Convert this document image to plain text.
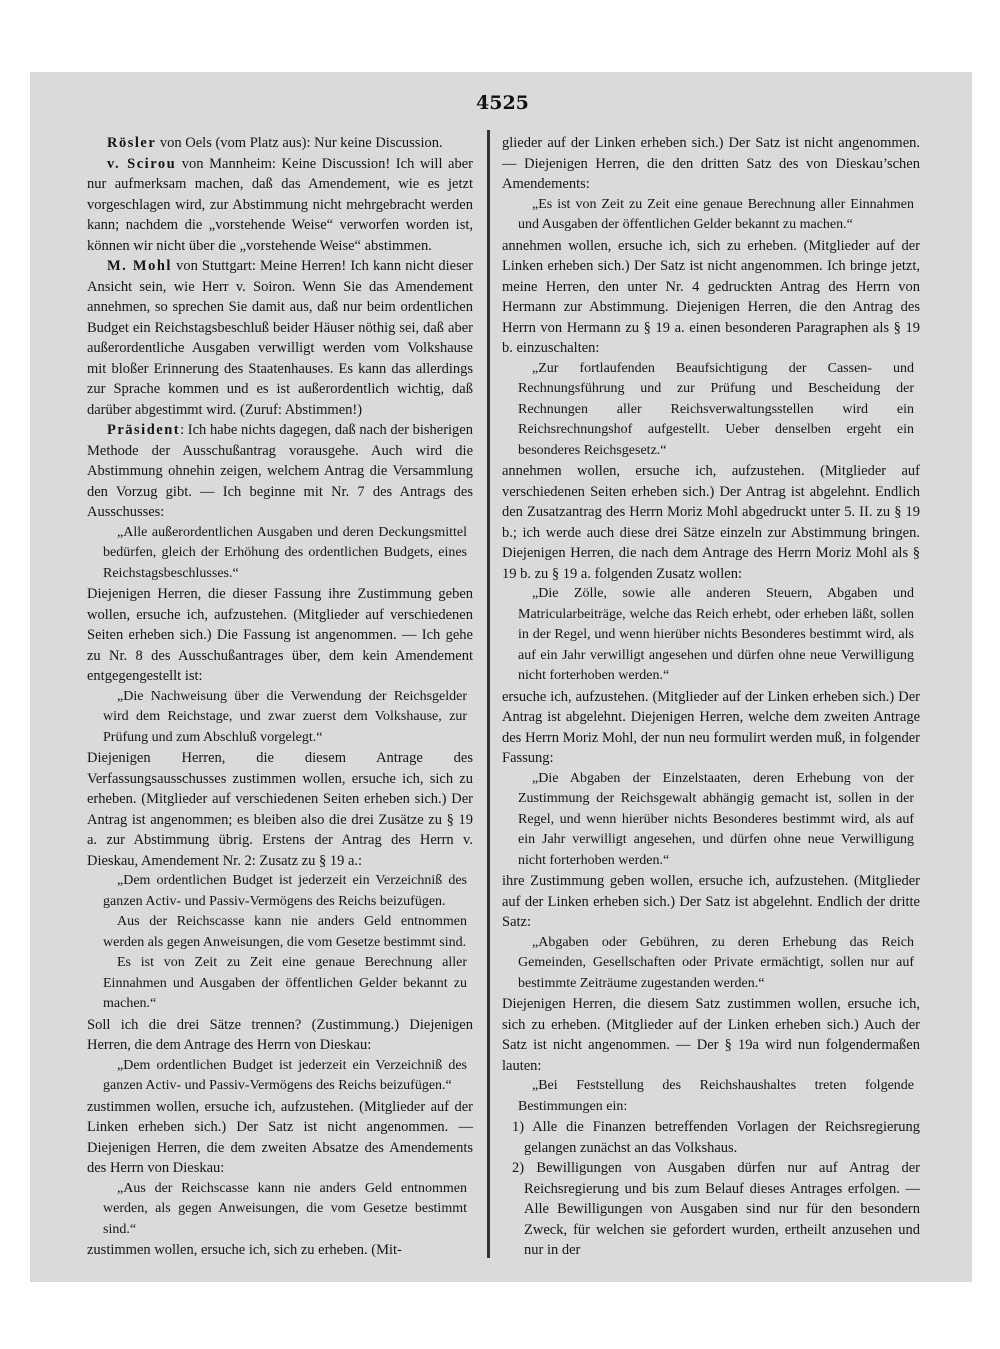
4525

Rösler von Oels (vom Platz aus): Nur keine Discussion.

v. Scirou von Mannheim: Keine Discussion! Ich will aber nur aufmerksam machen, daß das Amendement, wie es jetzt vorgeschlagen wird, zur Abstimmung nicht mehrgebracht werden kann; nachdem die „vorstehende Weise“ verworfen worden ist, können wir nicht über die „vorstehende Weise“ abstimmen.

M. Mohl von Stuttgart: Meine Herren! Ich kann nicht dieser Ansicht sein, wie Herr v. Soiron. Wenn Sie das Amendement annehmen, so sprechen Sie damit aus, daß nur beim ordentlichen Budget ein Reichstagsbeschluß beider Häuser nöthig sei, daß aber außerordentliche Ausgaben verwilligt werden vom Volkshause mit bloßer Erinnerung des Staatenhauses. Es kann das allerdings zur Sprache kommen und es ist außerordentlich wichtig, daß darüber abgestimmt wird. (Zuruf: Abstimmen!)

Präsident: Ich habe nichts dagegen, daß nach der bisherigen Methode der Ausschußantrag vorausgehe. Auch wird die Abstimmung ohnehin zeigen, welchem Antrag die Versammlung den Vorzug gibt. — Ich beginne mit Nr. 7 des Antrags des Ausschusses:

„Alle außerordentlichen Ausgaben und deren Deckungsmittel bedürfen, gleich der Erhöhung des ordentlichen Budgets, eines Reichstagsbeschlusses.“

Diejenigen Herren, die dieser Fassung ihre Zustimmung geben wollen, ersuche ich, aufzustehen. (Mitglieder auf verschiedenen Seiten erheben sich.) Die Fassung ist angenommen. — Ich gehe zu Nr. 8 des Ausschußantrages über, dem kein Amendement entgegengestellt ist:

„Die Nachweisung über die Verwendung der Reichsgelder wird dem Reichstage, und zwar zuerst dem Volkshause, zur Prüfung und zum Abschluß vorgelegt.“

Diejenigen Herren, die diesem Antrage des Verfassungsausschusses zustimmen wollen, ersuche ich, sich zu erheben. (Mitglieder auf verschiedenen Seiten erheben sich.) Der Antrag ist angenommen; es bleiben also die drei Zusätze zu § 19 a. zur Abstimmung übrig. Erstens der Antrag des Herrn v. Dieskau, Amendement Nr. 2: Zusatz zu § 19 a.:

„Dem ordentlichen Budget ist jederzeit ein Verzeichniß des ganzen Activ- und Passiv-Vermögens des Reichs beizufügen.

Aus der Reichscasse kann nie anders Geld entnommen werden als gegen Anweisungen, die vom Gesetze bestimmt sind.

Es ist von Zeit zu Zeit eine genaue Berechnung aller Einnahmen und Ausgaben der öffentlichen Gelder bekannt zu machen.“

Soll ich die drei Sätze trennen? (Zustimmung.) Diejenigen Herren, die dem Antrage des Herrn von Dieskau:

„Dem ordentlichen Budget ist jederzeit ein Verzeichniß des ganzen Activ- und Passiv-Vermögens des Reichs beizufügen.“

zustimmen wollen, ersuche ich, aufzustehen. (Mitglieder auf der Linken erheben sich.) Der Satz ist nicht angenommen. — Diejenigen Herren, die dem zweiten Absatze des Amendements des Herrn von Dieskau:

„Aus der Reichscasse kann nie anders Geld entnommen werden, als gegen Anweisungen, die vom Gesetze bestimmt sind.“

zustimmen wollen, ersuche ich, sich zu erheben. (Mit-

glieder auf der Linken erheben sich.) Der Satz ist nicht angenommen. — Diejenigen Herren, die den dritten Satz des von Dieskau’schen Amendements:

„Es ist von Zeit zu Zeit eine genaue Berechnung aller Einnahmen und Ausgaben der öffentlichen Gelder bekannt zu machen.“

annehmen wollen, ersuche ich, sich zu erheben. (Mitglieder auf der Linken erheben sich.) Der Satz ist nicht angenommen. Ich bringe jetzt, meine Herren, den unter Nr. 4 gedruckten Antrag des Herrn von Hermann zur Abstimmung. Diejenigen Herren, die den Antrag des Herrn von Hermann zu § 19 a. einen besonderen Paragraphen als § 19 b. einzuschalten:

„Zur fortlaufenden Beaufsichtigung der Cassen- und Rechnungsführung und zur Prüfung und Bescheidung der Rechnungen aller Reichsverwaltungsstellen wird ein Reichsrechnungshof aufgestellt. Ueber denselben ergeht ein besonderes Reichsgesetz.“

annehmen wollen, ersuche ich, aufzustehen. (Mitglieder auf verschiedenen Seiten erheben sich.) Der Antrag ist abgelehnt. Endlich den Zusatzantrag des Herrn Moriz Mohl abgedruckt unter 5. II. zu § 19 b.; ich werde auch diese drei Sätze einzeln zur Abstimmung bringen. Diejenigen Herren, die nach dem Antrage des Herrn Moriz Mohl als § 19 b. zu § 19 a. folgenden Zusatz wollen:

„Die Zölle, sowie alle anderen Steuern, Abgaben und Matricularbeiträge, welche das Reich erhebt, oder erheben läßt, sollen in der Regel, und wenn hierüber nichts Besonderes bestimmt wird, als auf ein Jahr verwilligt angesehen und dürfen ohne neue Verwilligung nicht forterhoben werden.“

ersuche ich, aufzustehen. (Mitglieder auf der Linken erheben sich.) Der Antrag ist abgelehnt. Diejenigen Herren, welche dem zweiten Antrage des Herrn Moriz Mohl, der nun neu formulirt werden muß, in folgender Fassung:

„Die Abgaben der Einzelstaaten, deren Erhebung von der Zustimmung der Reichsgewalt abhängig gemacht ist, sollen in der Regel, und wenn hierüber nichts Besonderes bestimmt wird, als auf ein Jahr verwilligt angesehen, und dürfen ohne neue Verwilligung nicht forterhoben werden.“

ihre Zustimmung geben wollen, ersuche ich, aufzustehen. (Mitglieder auf der Linken erheben sich.) Der Satz ist abgelehnt. Endlich der dritte Satz:

„Abgaben oder Gebühren, zu deren Erhebung das Reich Gemeinden, Gesellschaften oder Private ermächtigt, sollen nur auf bestimmte Zeiträume zugestanden werden.“

Diejenigen Herren, die diesem Satz zustimmen wollen, ersuche ich, sich zu erheben. (Mitglieder auf der Linken erheben sich.) Auch der Satz ist nicht angenommen. — Der § 19a wird nun folgendermaßen lauten:

„Bei Feststellung des Reichshaushaltes treten folgende Bestimmungen ein:

1) Alle die Finanzen betreffenden Vorlagen der Reichsregierung gelangen zunächst an das Volkshaus.

2) Bewilligungen von Ausgaben dürfen nur auf Antrag der Reichsregierung und bis zum Belauf dieses Antrages erfolgen. — Alle Bewilligungen von Ausgaben sind nur für den besondern Zweck, für welchen sie gefordert wurden, ertheilt anzusehen und nur in der
